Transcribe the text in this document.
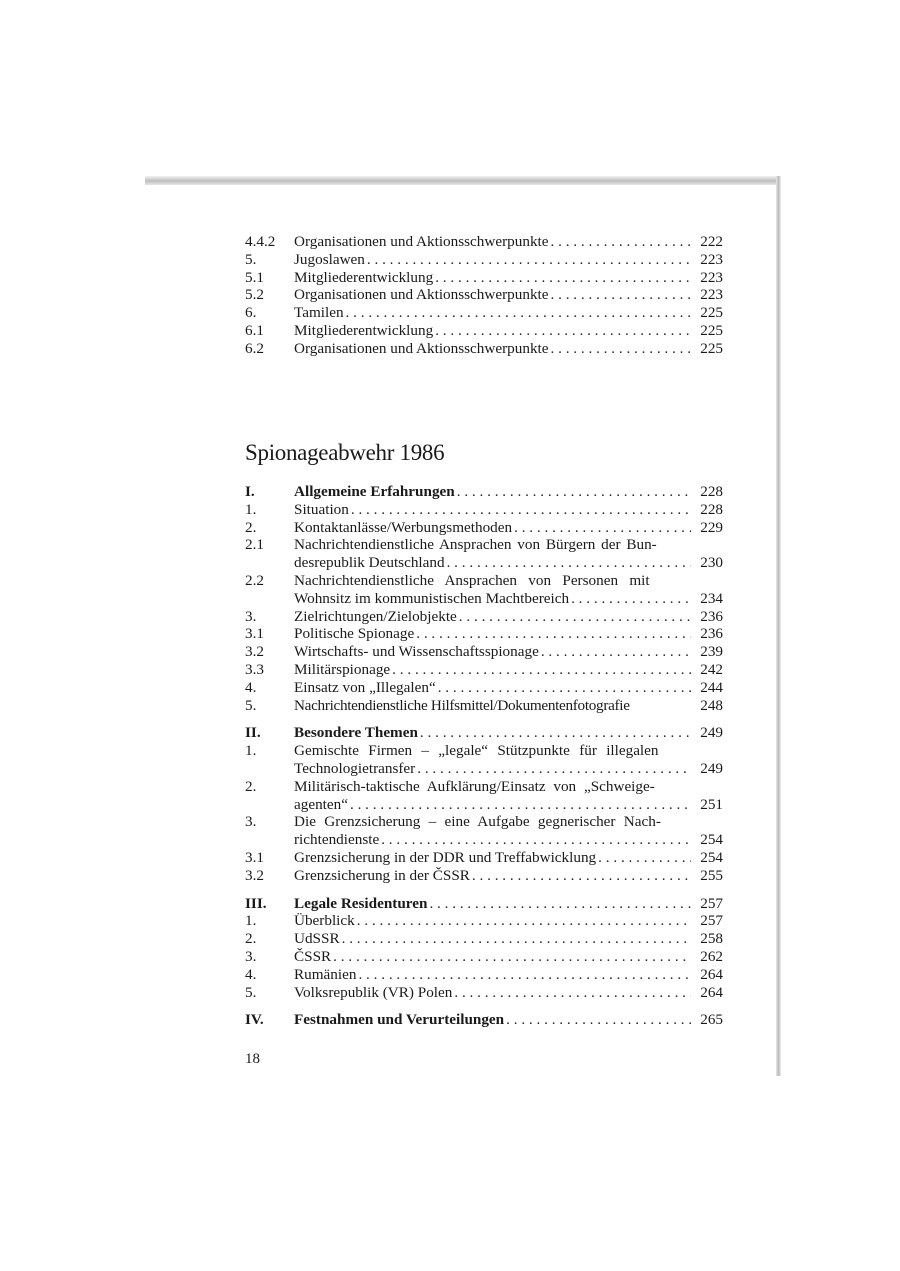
4.4.2	Organisationen und Aktionsschwerpunkte . . .	222
5.	Jugoslawen . . .	223
5.1	Mitgliederentwicklung . . .	223
5.2	Organisationen und Aktionsschwerpunkte . . .	223
6.	Tamilen . . .	225
6.1	Mitgliederentwicklung . . .	225
6.2	Organisationen und Aktionsschwerpunkte . . .	225
Spionageabwehr 1986
I.	Allgemeine Erfahrungen . . .	228
1.	Situation . . .	228
2.	Kontaktanlässe/Werbungsmethoden . . .	229
2.1	Nachrichtendienstliche Ansprachen von Bürgern der Bun-
desrepublik Deutschland . . .	230
2.2	Nachrichtendienstliche Ansprachen von Personen mit
Wohnsitz im kommunistischen Machtbereich . . .	234
3.	Zielrichtungen/Zielobjekte . . .	236
3.1	Politische Spionage . . .	236
3.2	Wirtschafts- und Wissenschaftsspionage . . .	239
3.3	Militärspionage . . .	242
4.	Einsatz von „Illegalen“ . . .	244
5.	Nachrichtendienstliche Hilfsmittel/Dokumentenfotografie	248
II.	Besondere Themen . . .	249
1.	Gemischte Firmen – „legale“ Stützpunkte für illegalen
Technologietransfer . . .	249
2.	Militärisch-taktische Aufklärung/Einsatz von „Schweige-
agenten“ . . .	251
3.	Die Grenzsicherung – eine Aufgabe gegnerischer Nach-
richtendienste . . .	254
3.1	Grenzsicherung in der DDR und Treffabwicklung . . .	254
3.2	Grenzsicherung in der ČSSR . . .	255
III.	Legale Residenturen . . .	257
1.	Überblick . . .	257
2.	UdSSR . . .	258
3.	ČSSR . . .	262
4.	Rumänien . . .	264
5.	Volksrepublik (VR) Polen . . .	264
IV.	Festnahmen und Verurteilungen . . .	265
18
